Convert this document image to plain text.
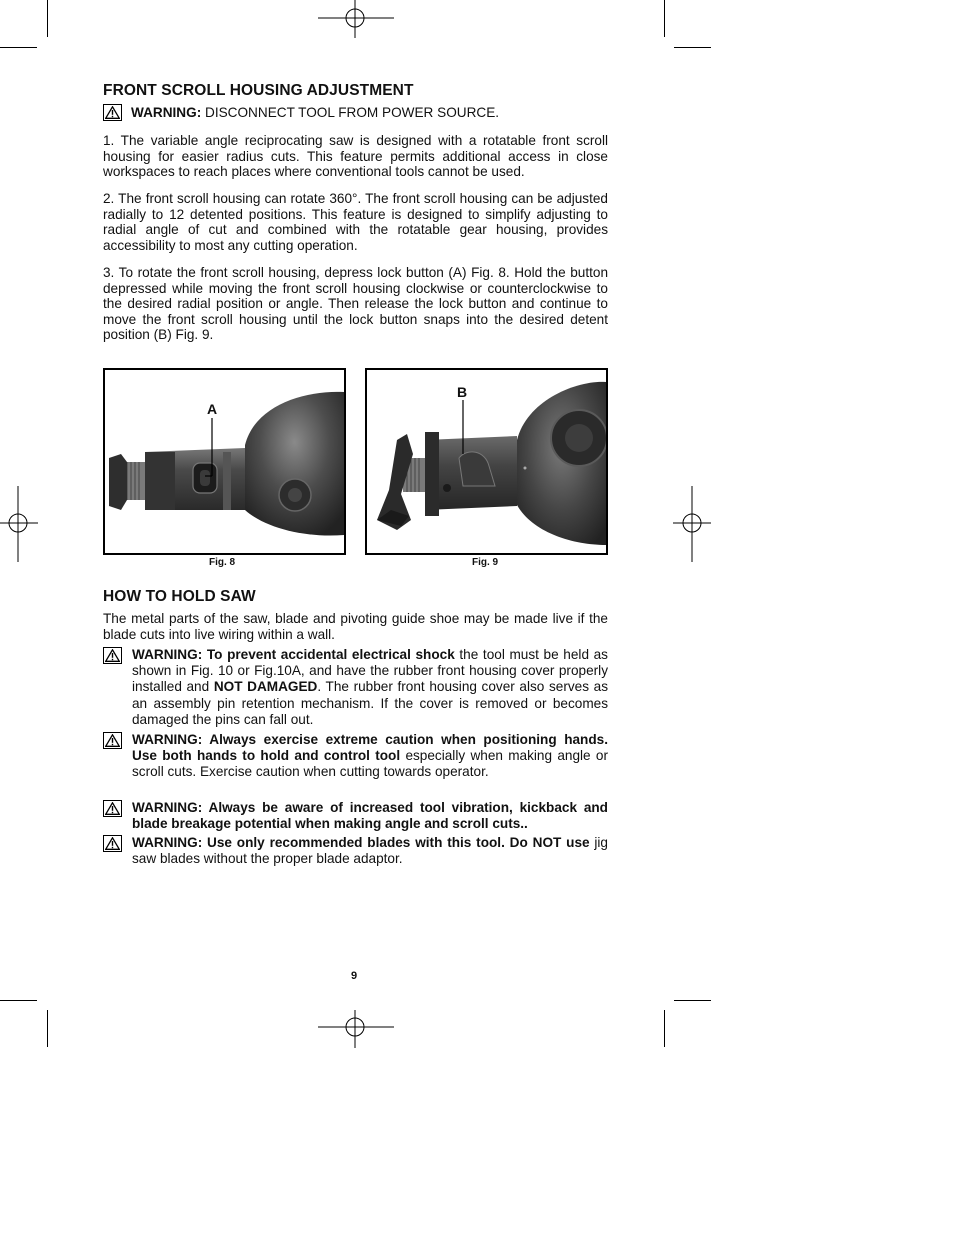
FRONT SCROLL HOUSING ADJUSTMENT

WARNING: DISCONNECT TOOL FROM POWER SOURCE.

1. The variable angle reciprocating saw is designed with a rotatable front scroll housing for easier radius cuts. This feature permits additional access in close workspaces to reach places where conventional tools cannot be used.

2. The front scroll housing can rotate 360°. The front scroll housing can be adjusted radially to 12 detented positions. This feature is designed to simplify adjusting to radial angle of cut and combined with the rotatable gear housing, provides accessibility to most any cutting operation.

3. To rotate the front scroll housing, depress lock button (A) Fig. 8. Hold the button depressed while moving the front scroll housing clockwise or counterclockwise to the desired radial position or angle. Then release the lock button and continue to move the front scroll housing until the lock button snaps into the desired detent position (B) Fig. 9.

A
Fig. 8
B
Fig. 9
HOW TO HOLD SAW

The metal parts of the saw, blade and pivoting guide shoe may be made live if the blade cuts into live wiring within a wall.

WARNING: To prevent accidental electrical shock the tool must be held as shown in Fig. 10 or Fig.10A, and have the rubber front housing cover properly installed and NOT DAMAGED. The rubber front housing cover also serves as an assembly pin retention mechanism. If the cover is removed or becomes damaged the pins can fall out.

WARNING: Always exercise extreme caution when positioning hands. Use both hands to hold and control tool especially when making angle or scroll cuts. Exercise caution when cutting towards operator.

WARNING: Always be aware of increased tool vibration, kickback and blade breakage potential when making angle and scroll cuts..

WARNING: Use only recommended blades with this tool. Do NOT use jig saw blades without the proper blade adaptor.

9
